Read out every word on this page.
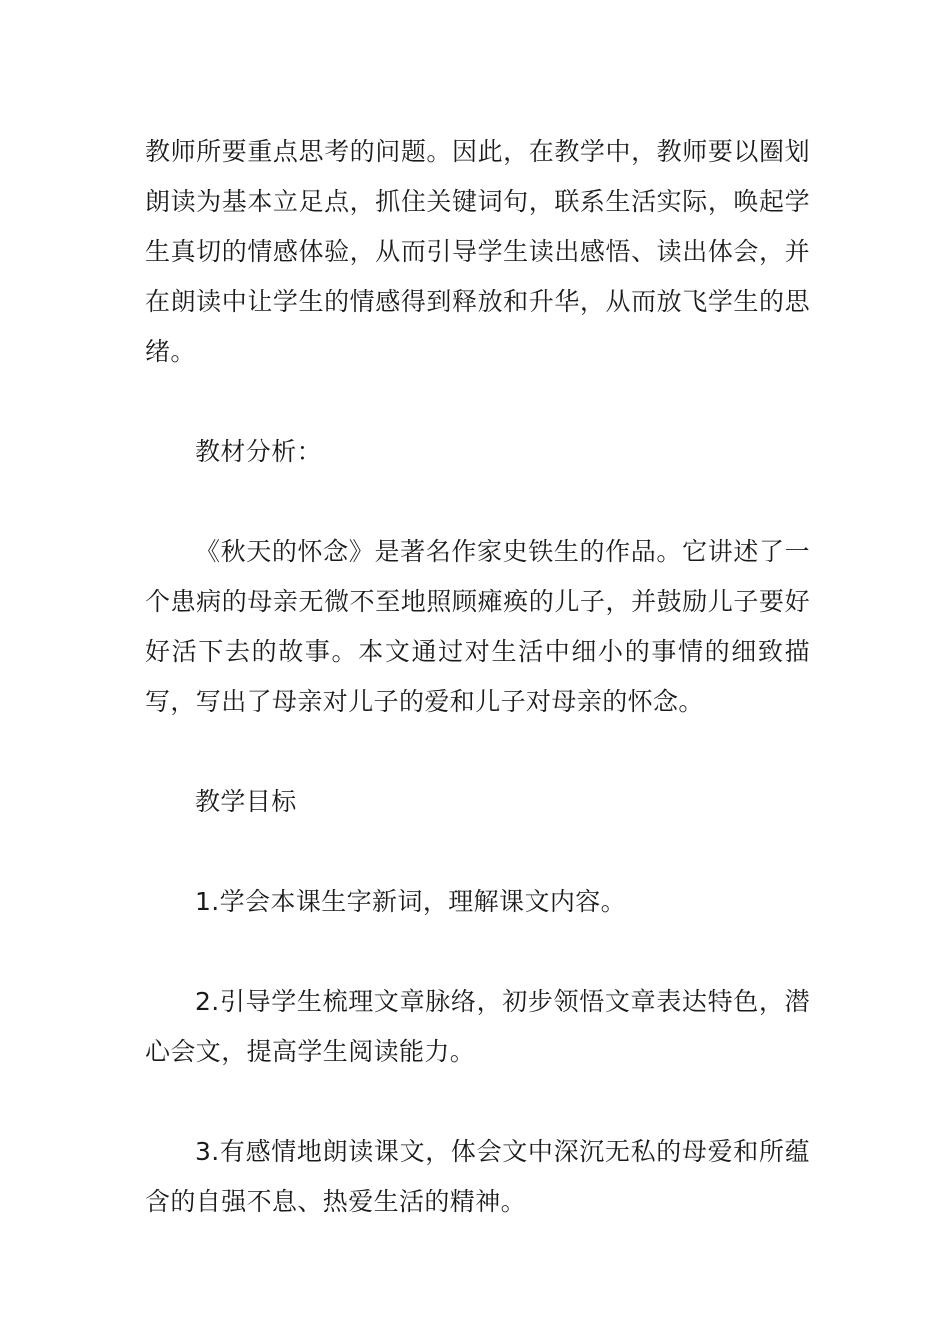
教师所要重点思考的问题。因此，在教学中，教师要以圈划朗读为基本立足点，抓住关键词句，联系生活实际，唤起学生真切的情感体验，从而引导学生读出感悟、读出体会，并在朗读中让学生的情感得到释放和升华，从而放飞学生的思绪。

教材分析：

《秋天的怀念》是著名作家史铁生的作品。它讲述了一个患病的母亲无微不至地照顾瘫痪的儿子，并鼓励儿子要好好活下去的故事。本文通过对生活中细小的事情的细致描写，写出了母亲对儿子的爱和儿子对母亲的怀念。

教学目标

1.学会本课生字新词，理解课文内容。

2.引导学生梳理文章脉络，初步领悟文章表达特色，潜心会文，提高学生阅读能力。

3.有感情地朗读课文，体会文中深沉无私的母爱和所蕴含的自强不息、热爱生活的精神。
